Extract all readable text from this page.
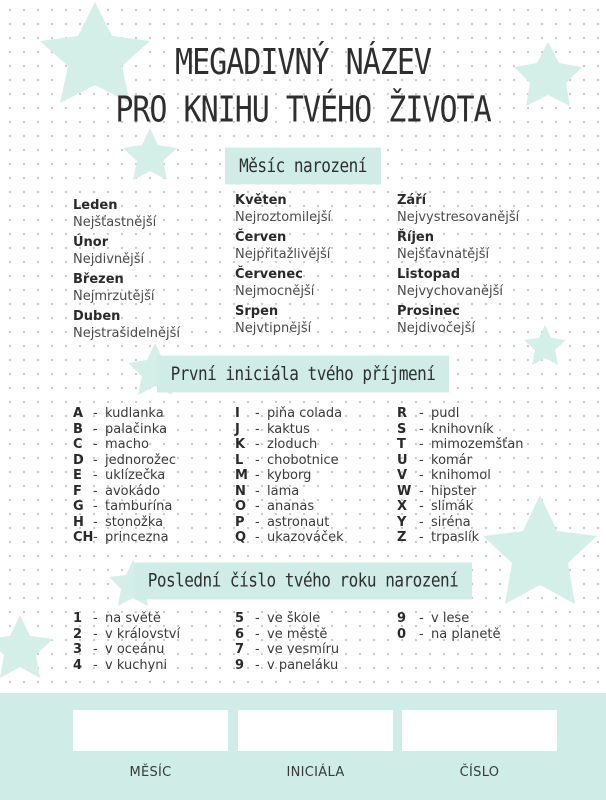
MEGADIVNÝ NÁZEV
PRO KNIHU TVÉHO ŽIVOTA
Měsíc narození
Leden
Nejšťastnější
Únor
Nejdivnější
Březen
Nejmrzutější
Duben
Nejstrašidelnější
Květen
Nejroztomilejší
Červen
Nejpřitažlivější
Červenec
Nejmocnější
Srpen
Nejvtipnější
Září
Nejvystresovanější
Říjen
Nejšťavnatější
Listopad
Nejvychovanější
Prosinec
Nejdivočejší
První iniciála tvého příjmení
A - kudlanka
B - palačinka
C - macho
D - jednorožec
E - uklízečka
F - avokádo
G - tamburína
H - stonožka
CH- princezna
I - piňa colada
J - kaktus
K - zloduch
L - chobotnice
M - kyborg
N - lama
O - ananas
P - astronaut
Q - ukazováček
R - pudl
S - knihovník
T - mimozemšťan
U - komár
V - knihomol
W - hipster
X - slimák
Y - siréna
Z - trpaslík
Poslední číslo tvého roku narození
1 - na světě
2 - v království
3 - v oceánu
4 - v kuchyni
5 - ve škole
6 - ve městě
7 - ve vesmíru
9 - v paneláku
9 - v lese
0 - na planetě
MĚSÍC	INICIÁLA	ČÍSLO
